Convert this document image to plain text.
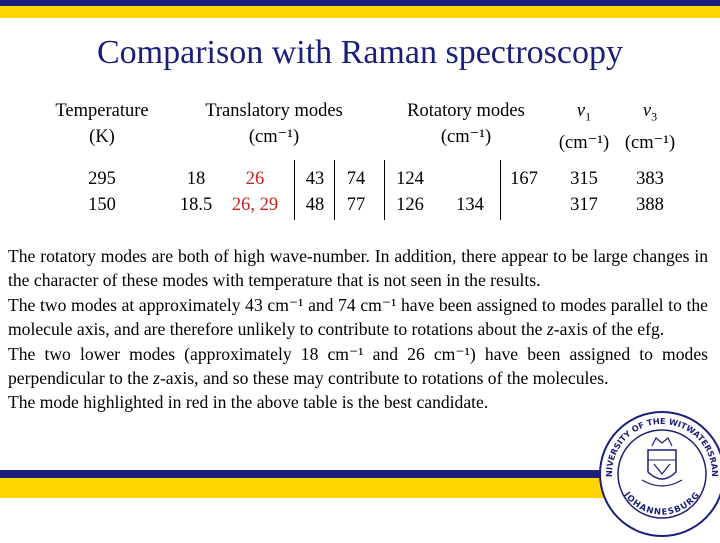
Comparison with Raman spectroscopy
Temperature
(K)
Translatory modes
(cm⁻¹)
Rotatory modes
(cm⁻¹)
$\nu_1$
(cm⁻¹)
$\nu_3$
(cm⁻¹)
295
150
18
18.5
26
26, 29
43
48
74
77
124
126	134
167	315
317
383
388

The rotatory modes are both of high wave-number. In addition, there appear to be large changes in the character of these modes with temperature that is not seen in the results.

The two modes at approximately 43 cm⁻¹ and 74 cm⁻¹ have been assigned to modes parallel to the molecule axis, and are therefore unlikely to contribute to rotations about the z-axis of the efg.

The two lower modes (approximately 18 cm⁻¹ and 26 cm⁻¹) have been assigned to modes perpendicular to the z-axis, and so these may contribute to rotations of the molecules.

The mode highlighted in red in the above table is the best candidate.

NIVERSITY OF THE WITWATERSRAN
JOHANNESBURG
